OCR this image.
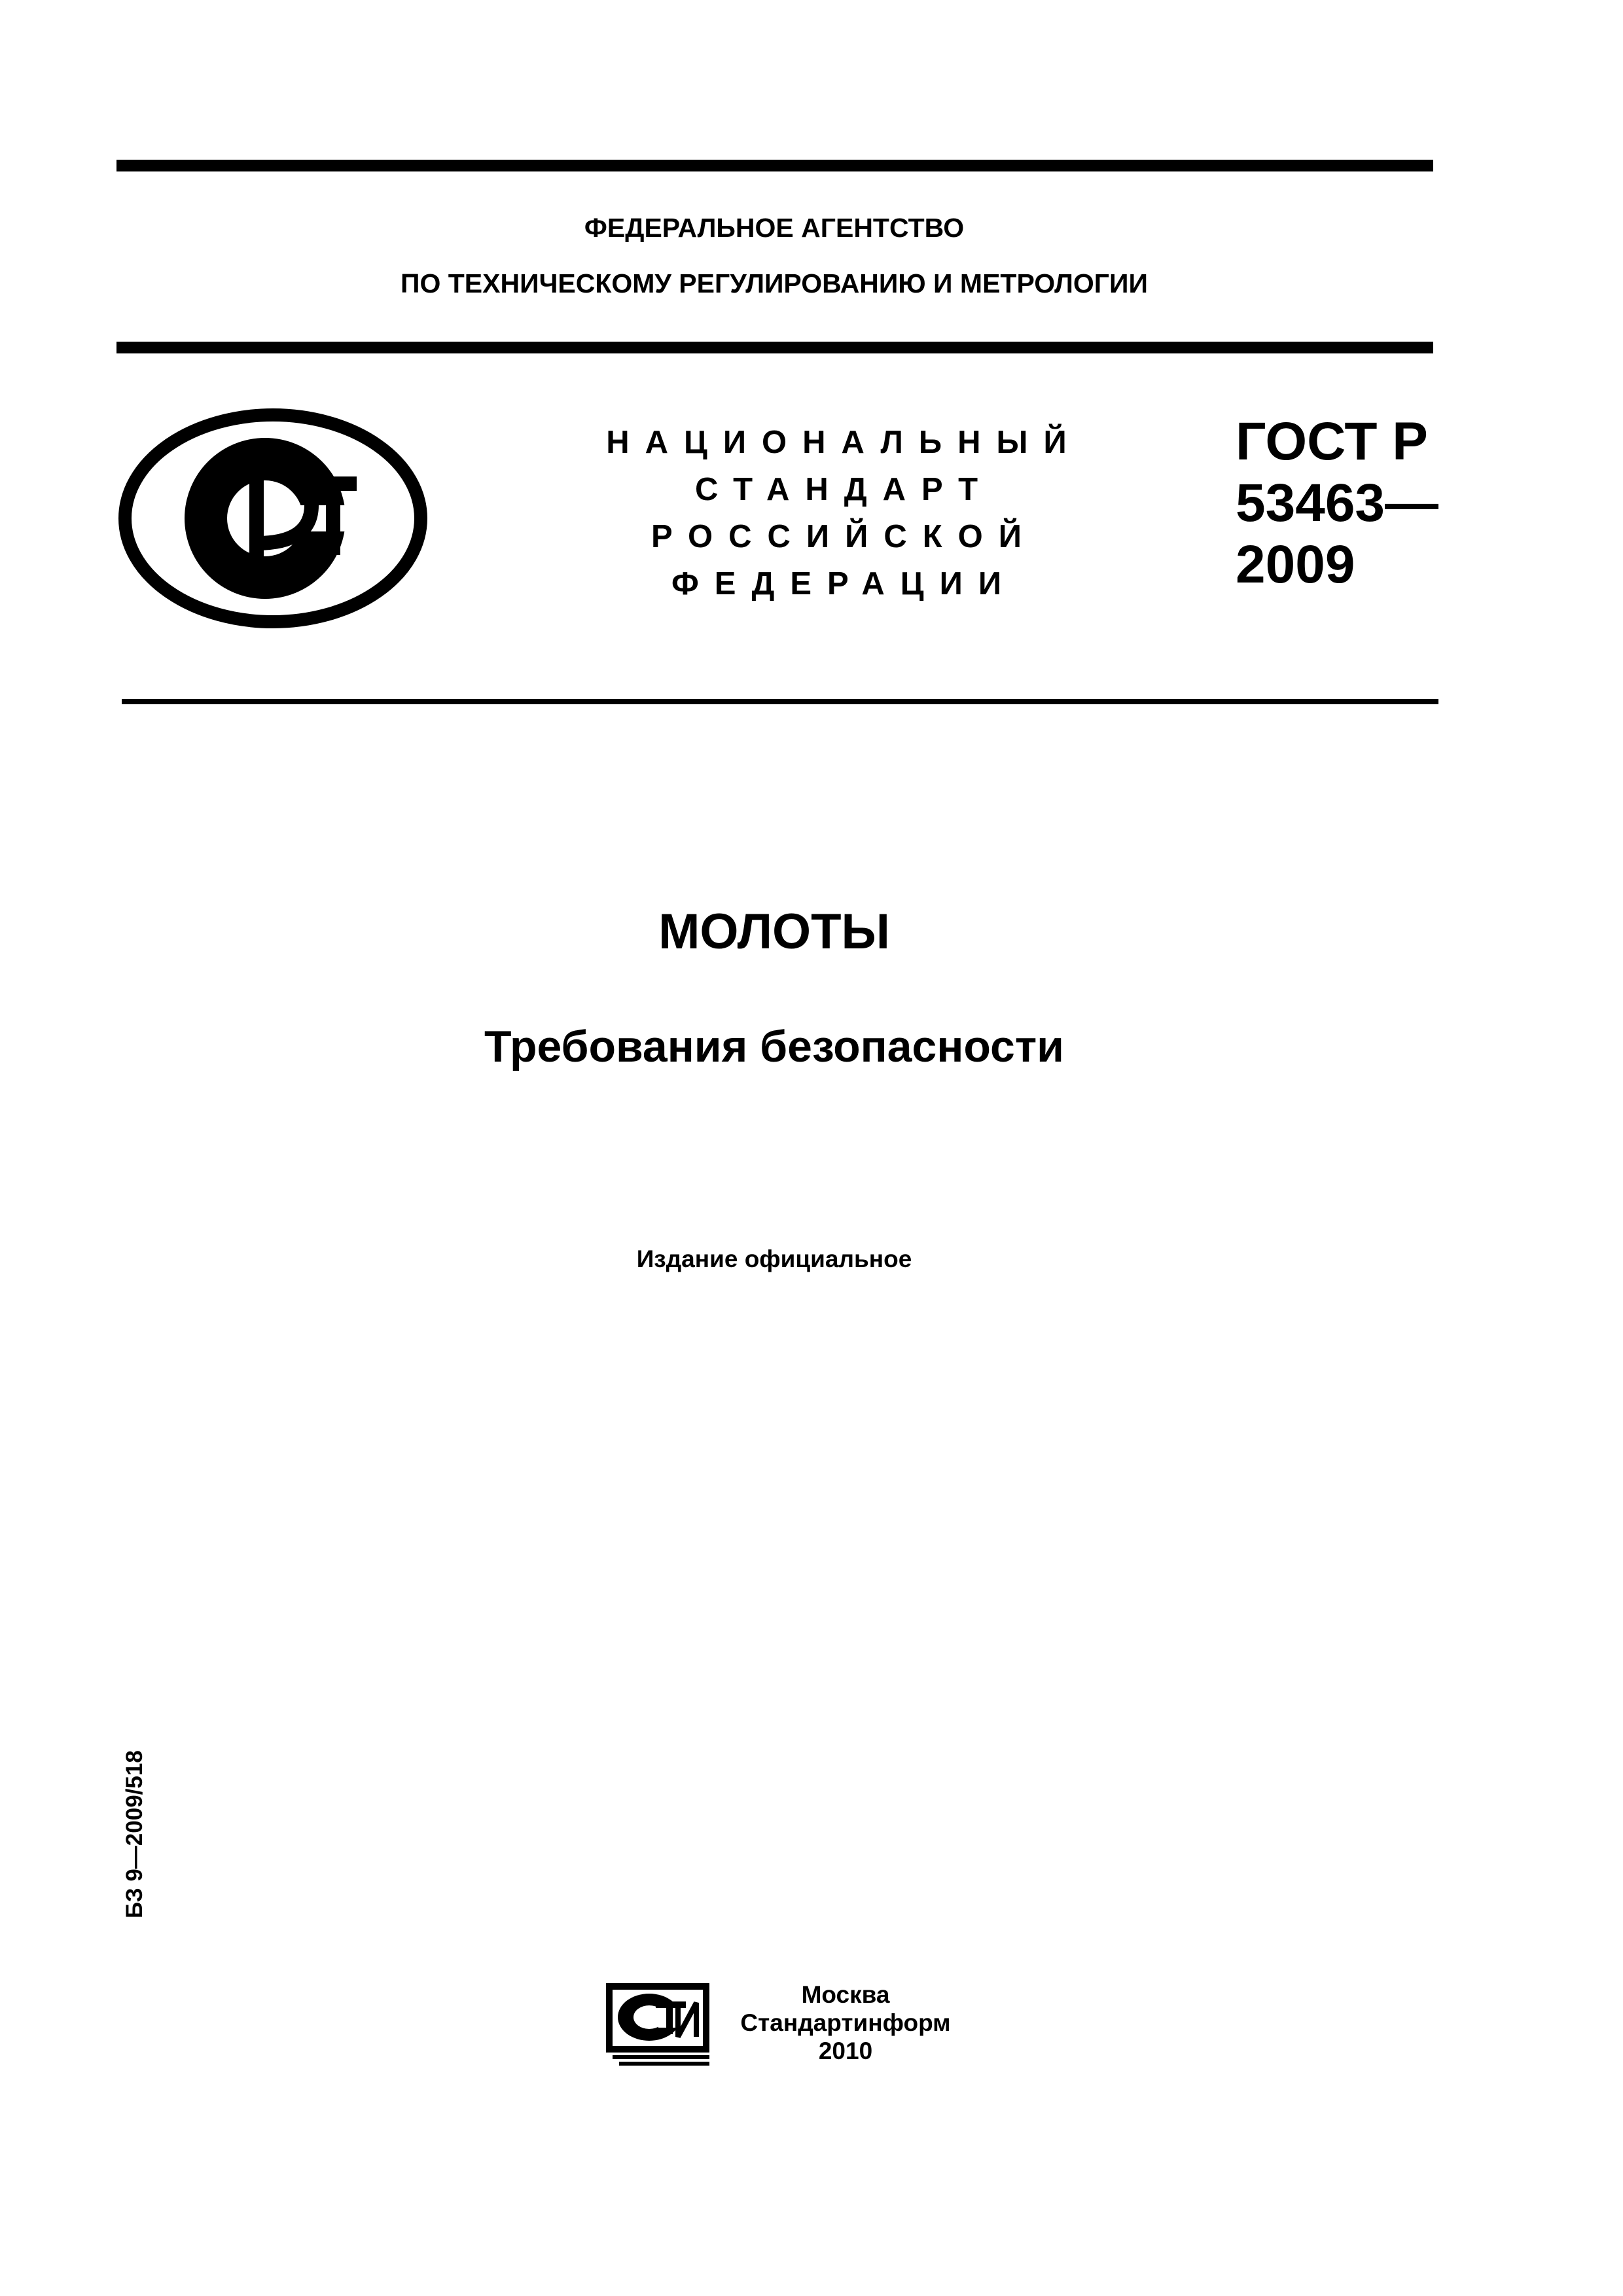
ФЕДЕРАЛЬНОЕ АГЕНТСТВО
ПО ТЕХНИЧЕСКОМУ РЕГУЛИРОВАНИЮ И МЕТРОЛОГИИ
НАЦИОНАЛЬНЫЙ
СТАНДАРТ
РОССИЙСКОЙ
ФЕДЕРАЦИИ
ГОСТ Р
53463—
2009
МОЛОТЫ
Требования безопасности
Издание официальное
БЗ 9—2009/518
Москва
Стандартинформ
2010
